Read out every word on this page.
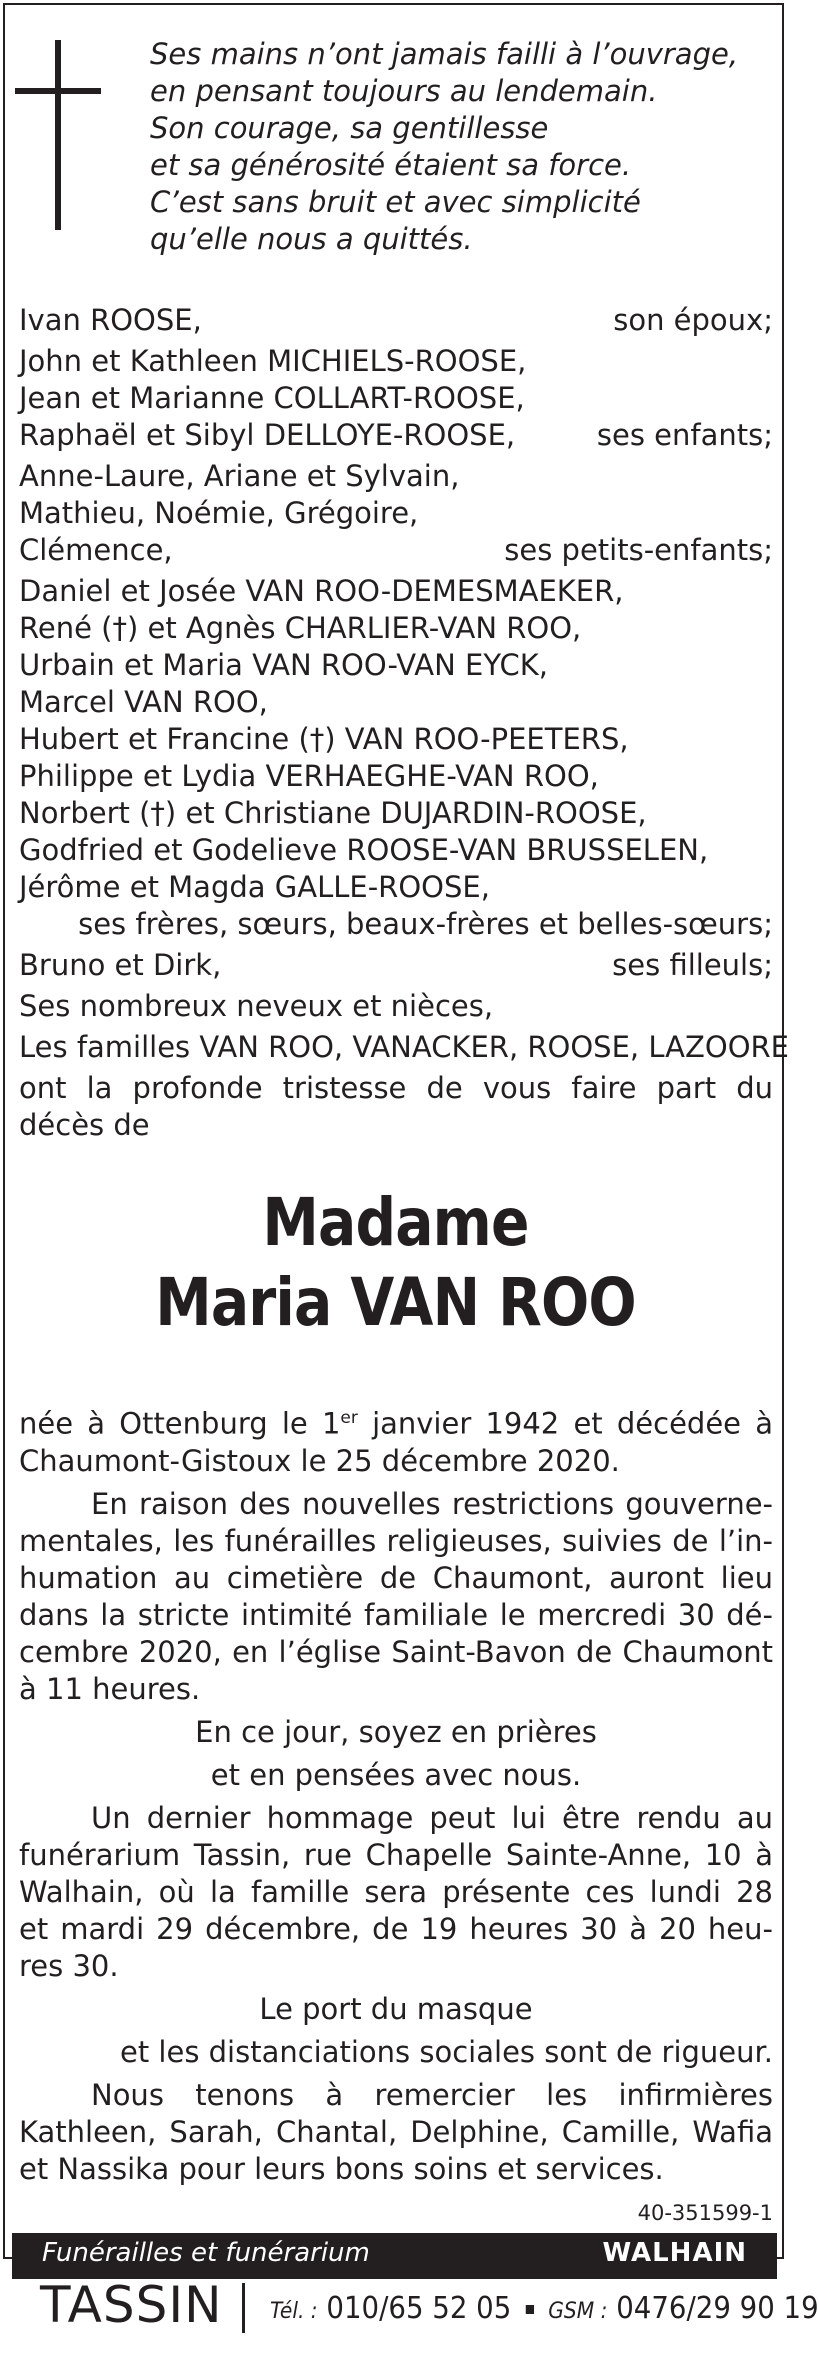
Ses mains n’ont jamais failli à l’ouvrage,
en pensant toujours au lendemain.
Son courage, sa gentillesse
et sa générosité étaient sa force.
C’est sans bruit et avec simplicité
qu’elle nous a quittés.
Ivan ROOSE,	son époux;
John et Kathleen MICHIELS-ROOSE,
Jean et Marianne COLLART-ROOSE,
Raphaël et Sibyl DELLOYE-ROOSE,	ses enfants;
Anne-Laure, Ariane et Sylvain,
Mathieu, Noémie, Grégoire,
Clémence,	ses petits-enfants;
Daniel et Josée VAN ROO-DEMESMAEKER,
René (†) et Agnès CHARLIER-VAN ROO,
Urbain et Maria VAN ROO-VAN EYCK,
Marcel VAN ROO,
Hubert et Francine (†) VAN ROO-PEETERS,
Philippe et Lydia VERHAEGHE-VAN ROO,
Norbert (†) et Christiane DUJARDIN-ROOSE,
Godfried et Godelieve ROOSE-VAN BRUSSELEN,
Jérôme et Magda GALLE-ROOSE,
ses frères, sœurs, beaux-frères et belles-sœurs;
Bruno et Dirk,	ses filleuls;
Ses nombreux neveux et nièces,
Les familles VAN ROO, VANACKER, ROOSE, LAZOORE
ont la profonde tristesse de vous faire part du
décès de
Madame
Maria VAN ROO
née à Ottenburg le 1er janvier 1942 et décédée à
Chaumont-Gistoux le 25 décembre 2020.
En raison des nouvelles restrictions gouverne-
mentales, les funérailles religieuses, suivies de l’in-
humation au cimetière de Chaumont, auront lieu
dans la stricte intimité familiale le mercredi 30 dé-
cembre 2020, en l’église Saint-Bavon de Chaumont
à 11 heures.
En ce jour, soyez en prières
et en pensées avec nous.
Un dernier hommage peut lui être rendu au
funérarium Tassin, rue Chapelle Sainte-Anne, 10 à
Walhain, où la famille sera présente ces lundi 28
et mardi 29 décembre, de 19 heures 30 à 20 heu-
res 30.
Le port du masque
et les distanciations sociales sont de rigueur.
Nous tenons à remercier les infirmières
Kathleen, Sarah, Chantal, Delphine, Camille, Wafia
et Nassika pour leurs bons soins et services.
40-351599-1
Funérailles et funérarium	WALHAIN
TASSIN Tél. : 010/65 52 05 GSM : 0476/29 90 19
